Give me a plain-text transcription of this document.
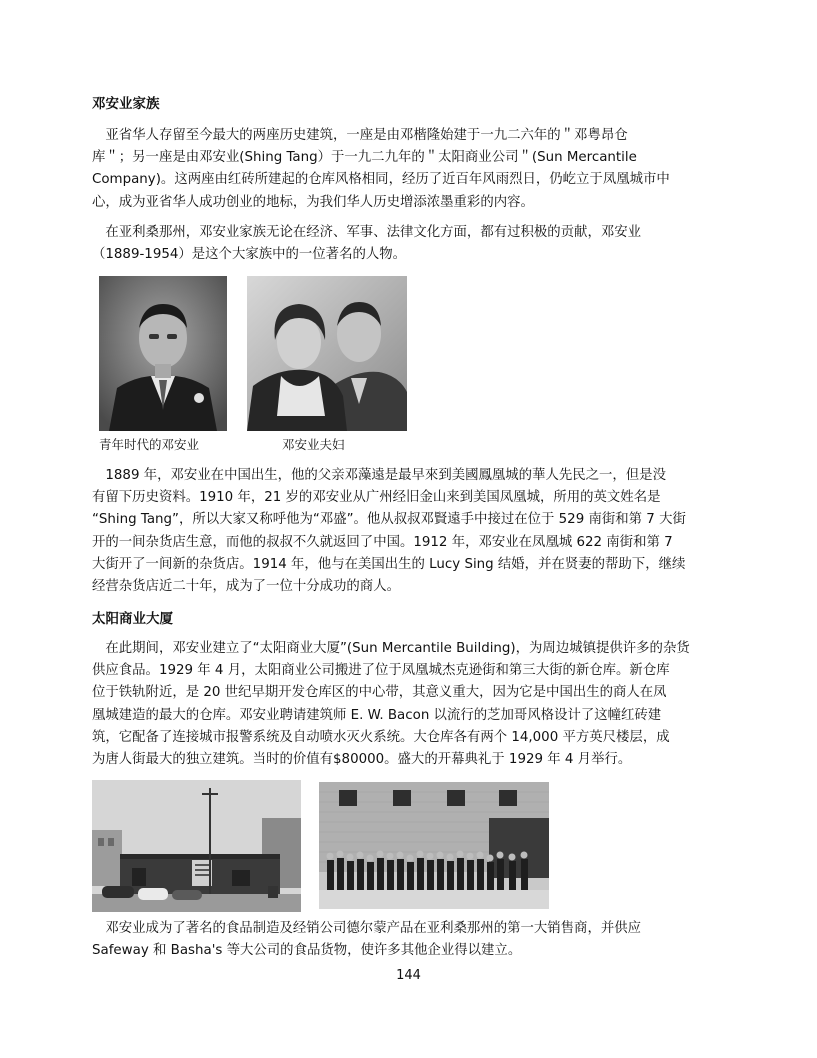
邓安业家族
　亚省华人存留至今最大的两座历史建筑，一座是由邓楷隆始建于一九二六年的＂邓粤昂仓
库＂；另一座是由邓安业(Shing Tang）于一九二九年的＂太阳商业公司＂(Sun Mercantile
Company)。这两座由红砖所建起的仓库风格相同，经历了近百年风雨烈日，仍屹立于凤凰城市中
心，成为亚省华人成功创业的地标，为我们华人历史增添浓墨重彩的内容。
　在亚利桑那州，邓安业家族无论在经济、军事、法律文化方面，都有过积极的贡献，邓安业
（1889-1954）是这个大家族中的一位著名的人物。
青年时代的邓安业	邓安业夫妇
　1889 年，邓安业在中国出生，他的父亲邓藻遠是最早來到美國鳳凰城的華人先民之一，但是没
有留下历史资料。1910 年，21 岁的邓安业从广州经旧金山来到美国凤凰城，所用的英文姓名是
“Shing Tang”，所以大家又称呼他为“邓盛”。他从叔叔邓賢遠手中接过在位于 529 南街和第 7 大街
开的一间杂货店生意，而他的叔叔不久就返回了中国。1912 年，邓安业在凤凰城 622 南街和第 7
大街开了一间新的杂货店。1914 年，他与在美国出生的 Lucy Sing 结婚，并在贤妻的帮助下，继续
经营杂货店近二十年，成为了一位十分成功的商人。
太阳商业大厦
　在此期间，邓安业建立了“太阳商业大厦”(Sun Mercantile Building)，为周边城镇提供许多的杂货
供应食品。1929 年 4 月，太阳商业公司搬进了位于凤凰城杰克逊街和第三大街的新仓库。新仓库
位于铁轨附近，是 20 世纪早期开发仓库区的中心带，其意义重大，因为它是中国出生的商人在凤
凰城建造的最大的仓库。邓安业聘请建筑师 E. W. Bacon 以流行的芝加哥风格设计了这幢红砖建
筑，它配备了连接城市报警系统及自动喷水灭火系统。大仓库各有两个 14,000 平方英尺楼层，成
为唐人街最大的独立建筑。当时的价值有$80000。盛大的开幕典礼于 1929 年 4 月举行。
　邓安业成为了著名的食品制造及经销公司德尔蒙产品在亚利桑那州的第一大销售商，并供应
Safeway 和 Basha's 等大公司的食品货物，使许多其他企业得以建立。
144
